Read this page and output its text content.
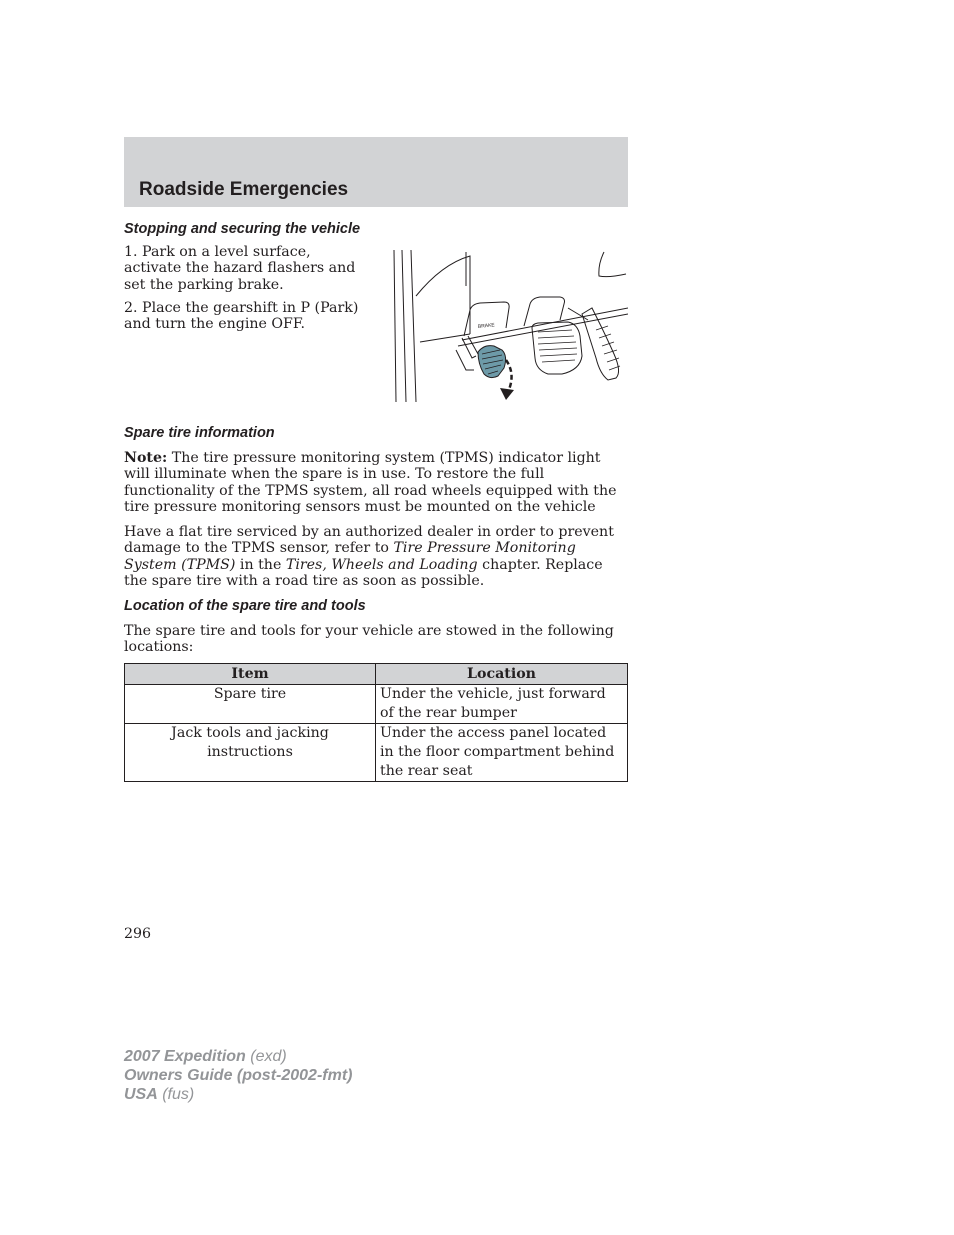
Roadside Emergencies
Stopping and securing the vehicle
1. Park on a level surface, activate the hazard flashers and set the parking brake.
2. Place the gearshift in P (Park) and turn the engine OFF.	BRAKE
Spare tire information
Note: The tire pressure monitoring system (TPMS) indicator light will illuminate when the spare is in use. To restore the full functionality of the TPMS system, all road wheels equipped with the tire pressure monitoring sensors must be mounted on the vehicle
Have a flat tire serviced by an authorized dealer in order to prevent damage to the TPMS sensor, refer to Tire Pressure Monitoring System (TPMS) in the Tires, Wheels and Loading chapter. Replace the spare tire with a road tire as soon as possible.
Location of the spare tire and tools
The spare tire and tools for your vehicle are stowed in the following locations:
Item	Location
Spare tire	Under the vehicle, just forward of the rear bumper
Jack tools and jacking instructions	Under the access panel located in the floor compartment behind the rear seat
296
2007 Expedition (exd)
Owners Guide (post-2002-fmt)
USA (fus)
